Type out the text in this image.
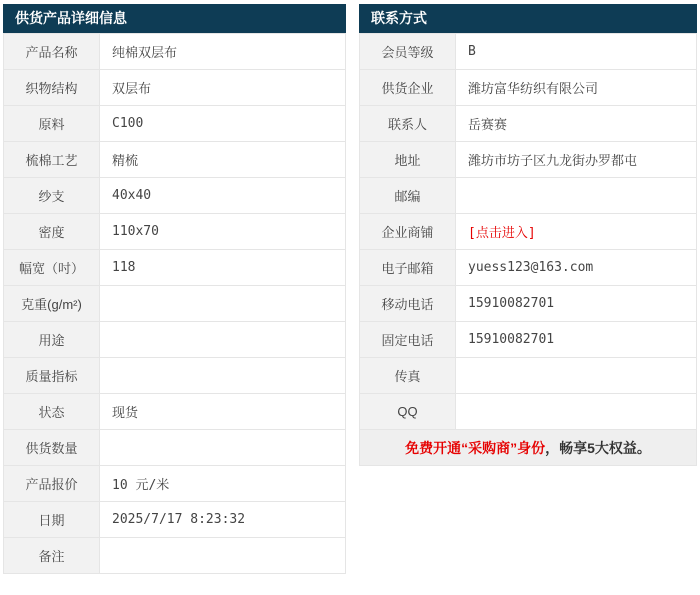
供货产品详细信息
产品名称	纯棉双层布
织物结构	双层布
原料	C100
梳棉工艺	精梳
纱支	40x40
密度	110x70
幅宽（吋）	118
克重(g/m²)	
用途	
质量指标	
状态	现货
供货数量	
产品报价	10 元/米
日期	2025/7/17 8:23:32
备注	
联系方式
会员等级	B
供货企业	潍坊富华纺织有限公司
联系人	岳赛赛
地址	潍坊市坊子区九龙街办罗都屯
邮编	
企业商铺	[点击进入]
电子邮箱	yuess123@163.com
移动电话	15910082701
固定电话	15910082701
传真	
QQ	
免费开通“采购商”身份，畅享5大权益。	
